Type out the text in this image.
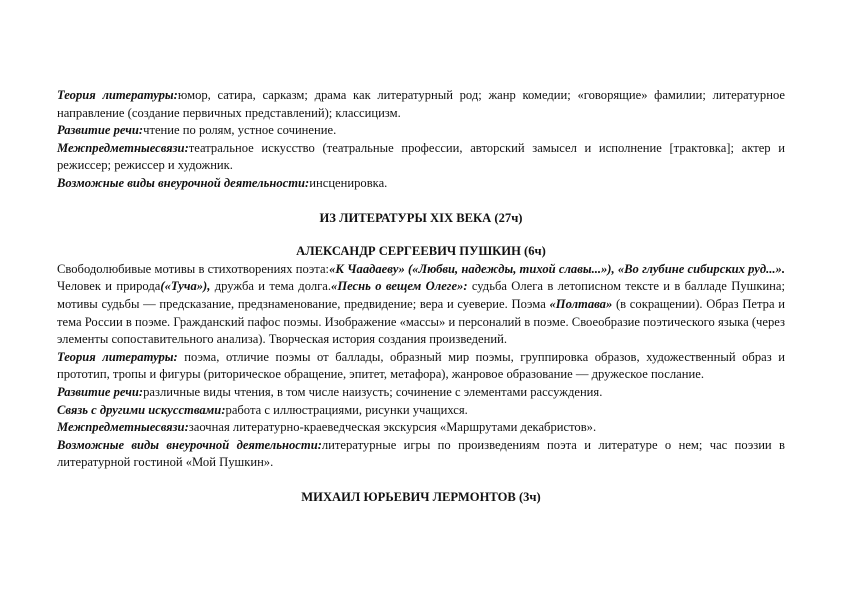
Теория литературы:юмор, сатира, сарказм; драма как литературный род; жанр комедии; «говорящие» фамилии; литературное направление (создание первичных представлений); классицизм.

Развитие речи:чтение по ролям, устное сочинение.

Межпредметныесвязи:театральное искусство (театральные профессии, авторский замысел и исполнение [трактовка]; актер и режиссер; режиссер и художник.

Возможные виды внеурочной деятельности:инсценировка.

ИЗ ЛИТЕРАТУРЫ XIX ВЕКА (27ч)

АЛЕКСАНДР СЕРГЕЕВИЧ ПУШКИН (6ч)

Свободолюбивые мотивы в стихотворениях поэта:«К Чаадаеву» («Любви, надежды, тихой славы...»), «Во глубине сибирских руд...». Человек и природа(«Туча»), дружба и тема долга.«Песнь о вещем Олеге»: судьба Олега в летописном тексте и в балладе Пушкина; мотивы судьбы — предсказание, предзнаменование, предвидение; вера и суеверие. Поэма «Полтава» (в сокращении). Образ Петра и тема России в поэме. Гражданский пафос поэмы. Изображение «массы» и персоналий в поэме. Своеобразие поэтического языка (через элементы сопоставительного анализа). Творческая история создания произведений.

Теория литературы: поэма, отличие поэмы от баллады, образный мир поэмы, группировка образов, художественный образ и прототип, тропы и фигуры (риторическое обращение, эпитет, метафора), жанровое образование — дружеское послание.

Развитие речи:различные виды чтения, в том числе наизусть; сочинение с элементами рассуждения.

Связь с другими искусствами:работа с иллюстрациями, рисунки учащихся.

Межпредметныесвязи:заочная литературно-краеведческая экскурсия «Маршрутами декабристов».

Возможные виды внеурочной деятельности:литературные игры по произведениям поэта и литературе о нем; час поэзии в литературной гостиной «Мой Пушкин».

МИХАИЛ ЮРЬЕВИЧ ЛЕРМОНТОВ (3ч)
